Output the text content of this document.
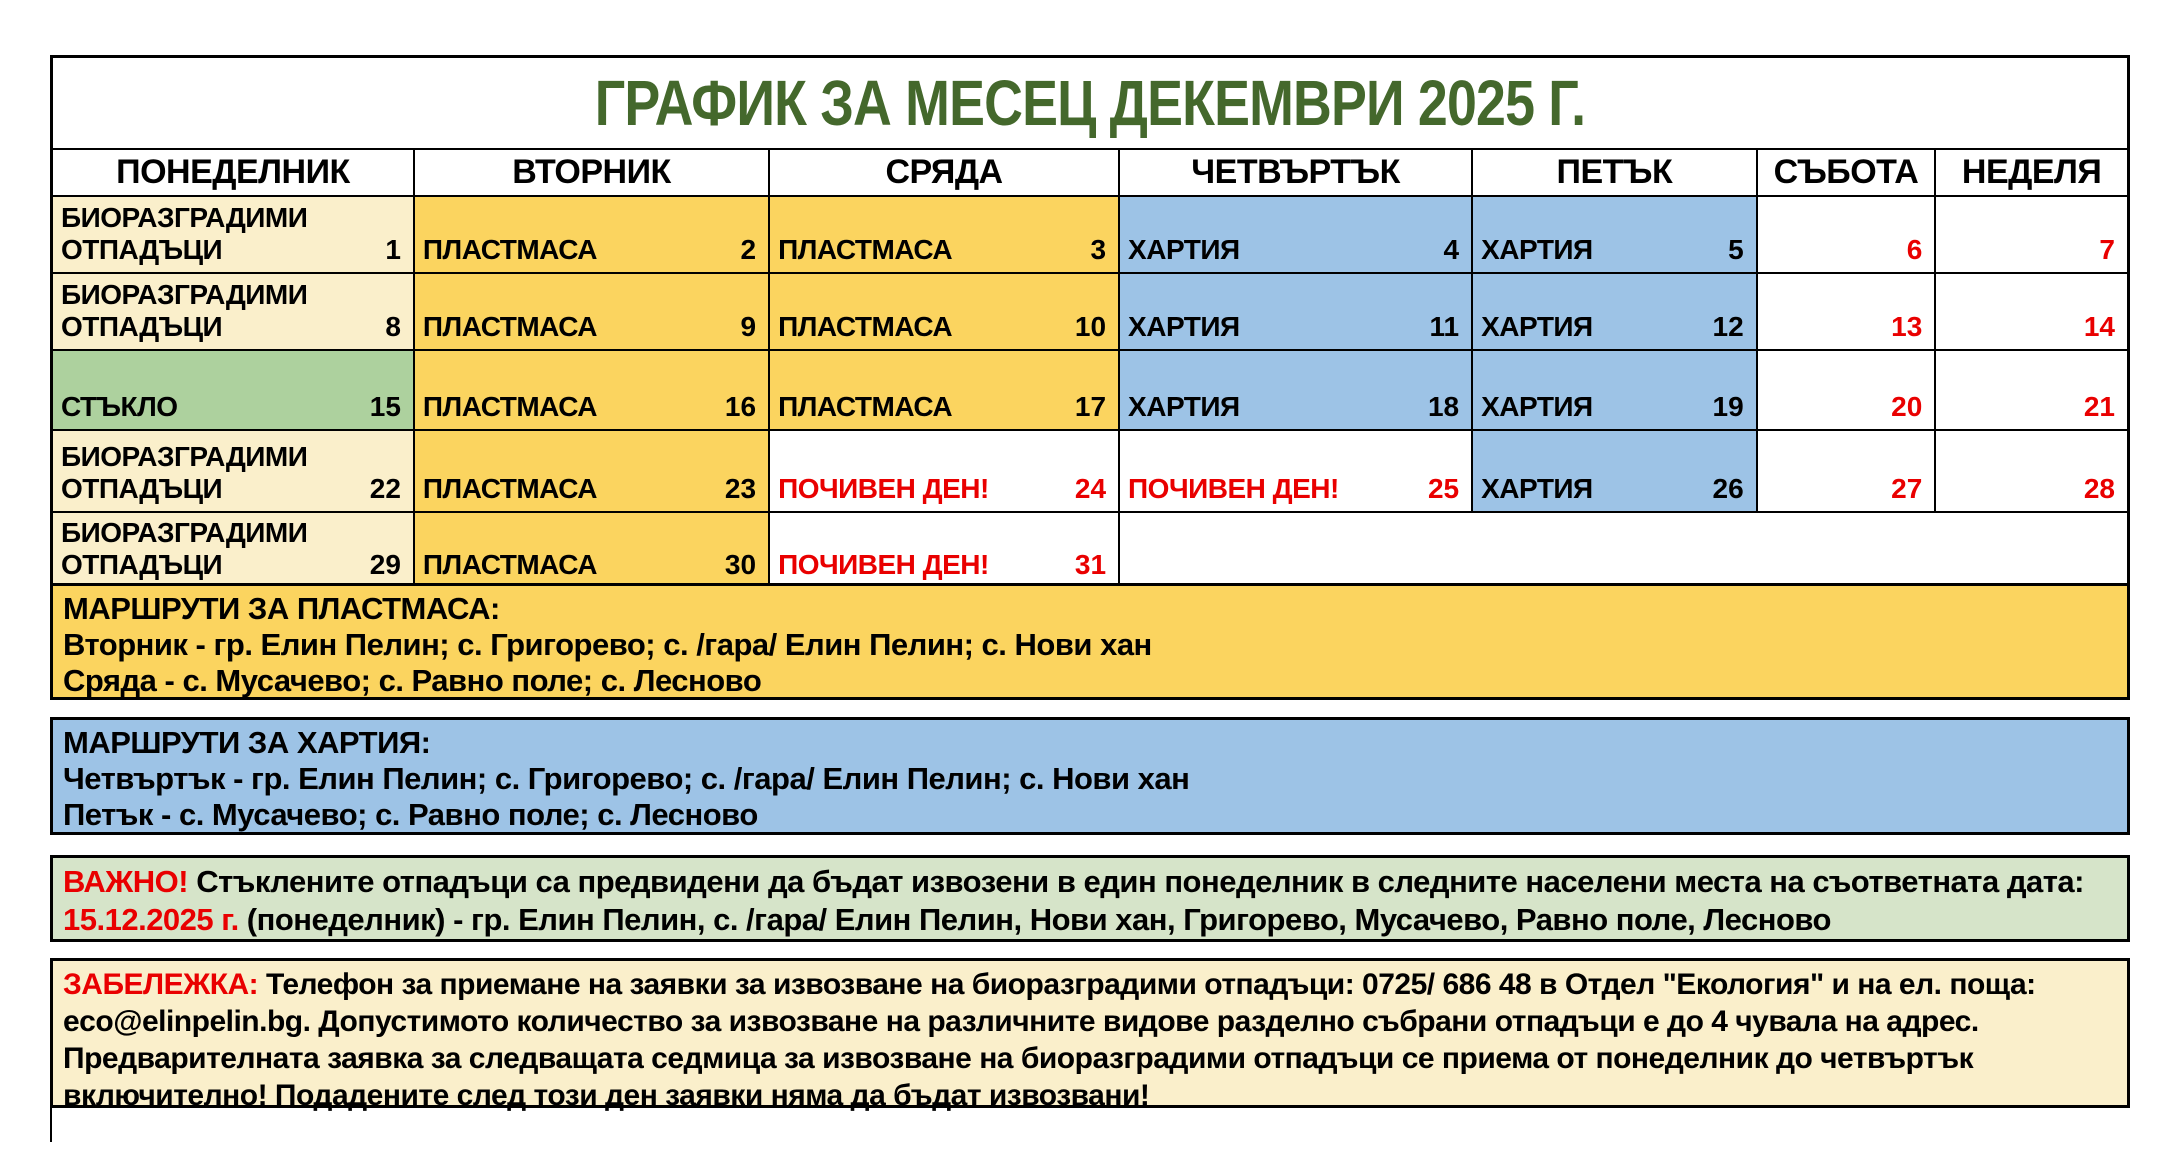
ГРАФИК ЗА МЕСЕЦ ДЕКЕМВРИ 2025 Г.						

ПОНЕДЕЛНИК	ВТОРНИК	СРЯДА	ЧЕТВЪРТЪК	ПЕТЪК	СЪБОТА	НЕДЕЛЯ

БИОРАЗГРАДИМИ ОТПАДЪЦИ 1	ПЛАСТМАСА 2	ПЛАСТМАСА 3	ХАРТИЯ 4	ХАРТИЯ 5	6	7

БИОРАЗГРАДИМИ ОТПАДЪЦИ 8	ПЛАСТМАСА 9	ПЛАСТМАСА 10	ХАРТИЯ 11	ХАРТИЯ 12	13	14

СТЪКЛО 15	ПЛАСТМАСА 16	ПЛАСТМАСА 17	ХАРТИЯ 18	ХАРТИЯ 19	20	21

БИОРАЗГРАДИМИ ОТПАДЪЦИ 22	ПЛАСТМАСА 23	ПОЧИВЕН ДЕН! 24	ПОЧИВЕН ДЕН! 25	ХАРТИЯ 26	27	28

БИОРАЗГРАДИМИ ОТПАДЪЦИ 29	ПЛАСТМАСА 30	ПОЧИВЕН ДЕН! 31				

МАРШРУТИ ЗА ПЛАСТМАСА:
Вторник - гр. Елин Пелин; с. Григорево; с. /гара/ Елин Пелин; с. Нови хан
Сряда - с. Мусачево; с. Равно поле; с. Лесново
МАРШРУТИ ЗА ХАРТИЯ:
Четвъртък - гр. Елин Пелин; с. Григорево; с. /гара/ Елин Пелин; с. Нови хан
Петък - с. Мусачево; с. Равно поле; с. Лесново
ВАЖНО! Стъклените отпадъци са предвидени да бъдат извозени в един понеделник в следните населени места на съответната дата:
15.12.2025 г. (понеделник) - гр. Елин Пелин, с. /гара/ Елин Пелин, Нови хан, Григорево, Мусачево, Равно поле, Лесново
ЗАБЕЛЕЖКА: Телефон за приемане на заявки за извозване на биоразградими отпадъци: 0725/ 686 48 в Отдел "Екология" и на ел. поща: eco@elinpelin.bg. Допустимото количество за извозване на различните видове разделно събрани отпадъци е до 4 чувала на адрес. Предварителната заявка за следващата седмица за извозване на биоразградими отпадъци се приема от понеделник до четвъртък включително! Подадените след този ден заявки няма да бъдат извозвани!
